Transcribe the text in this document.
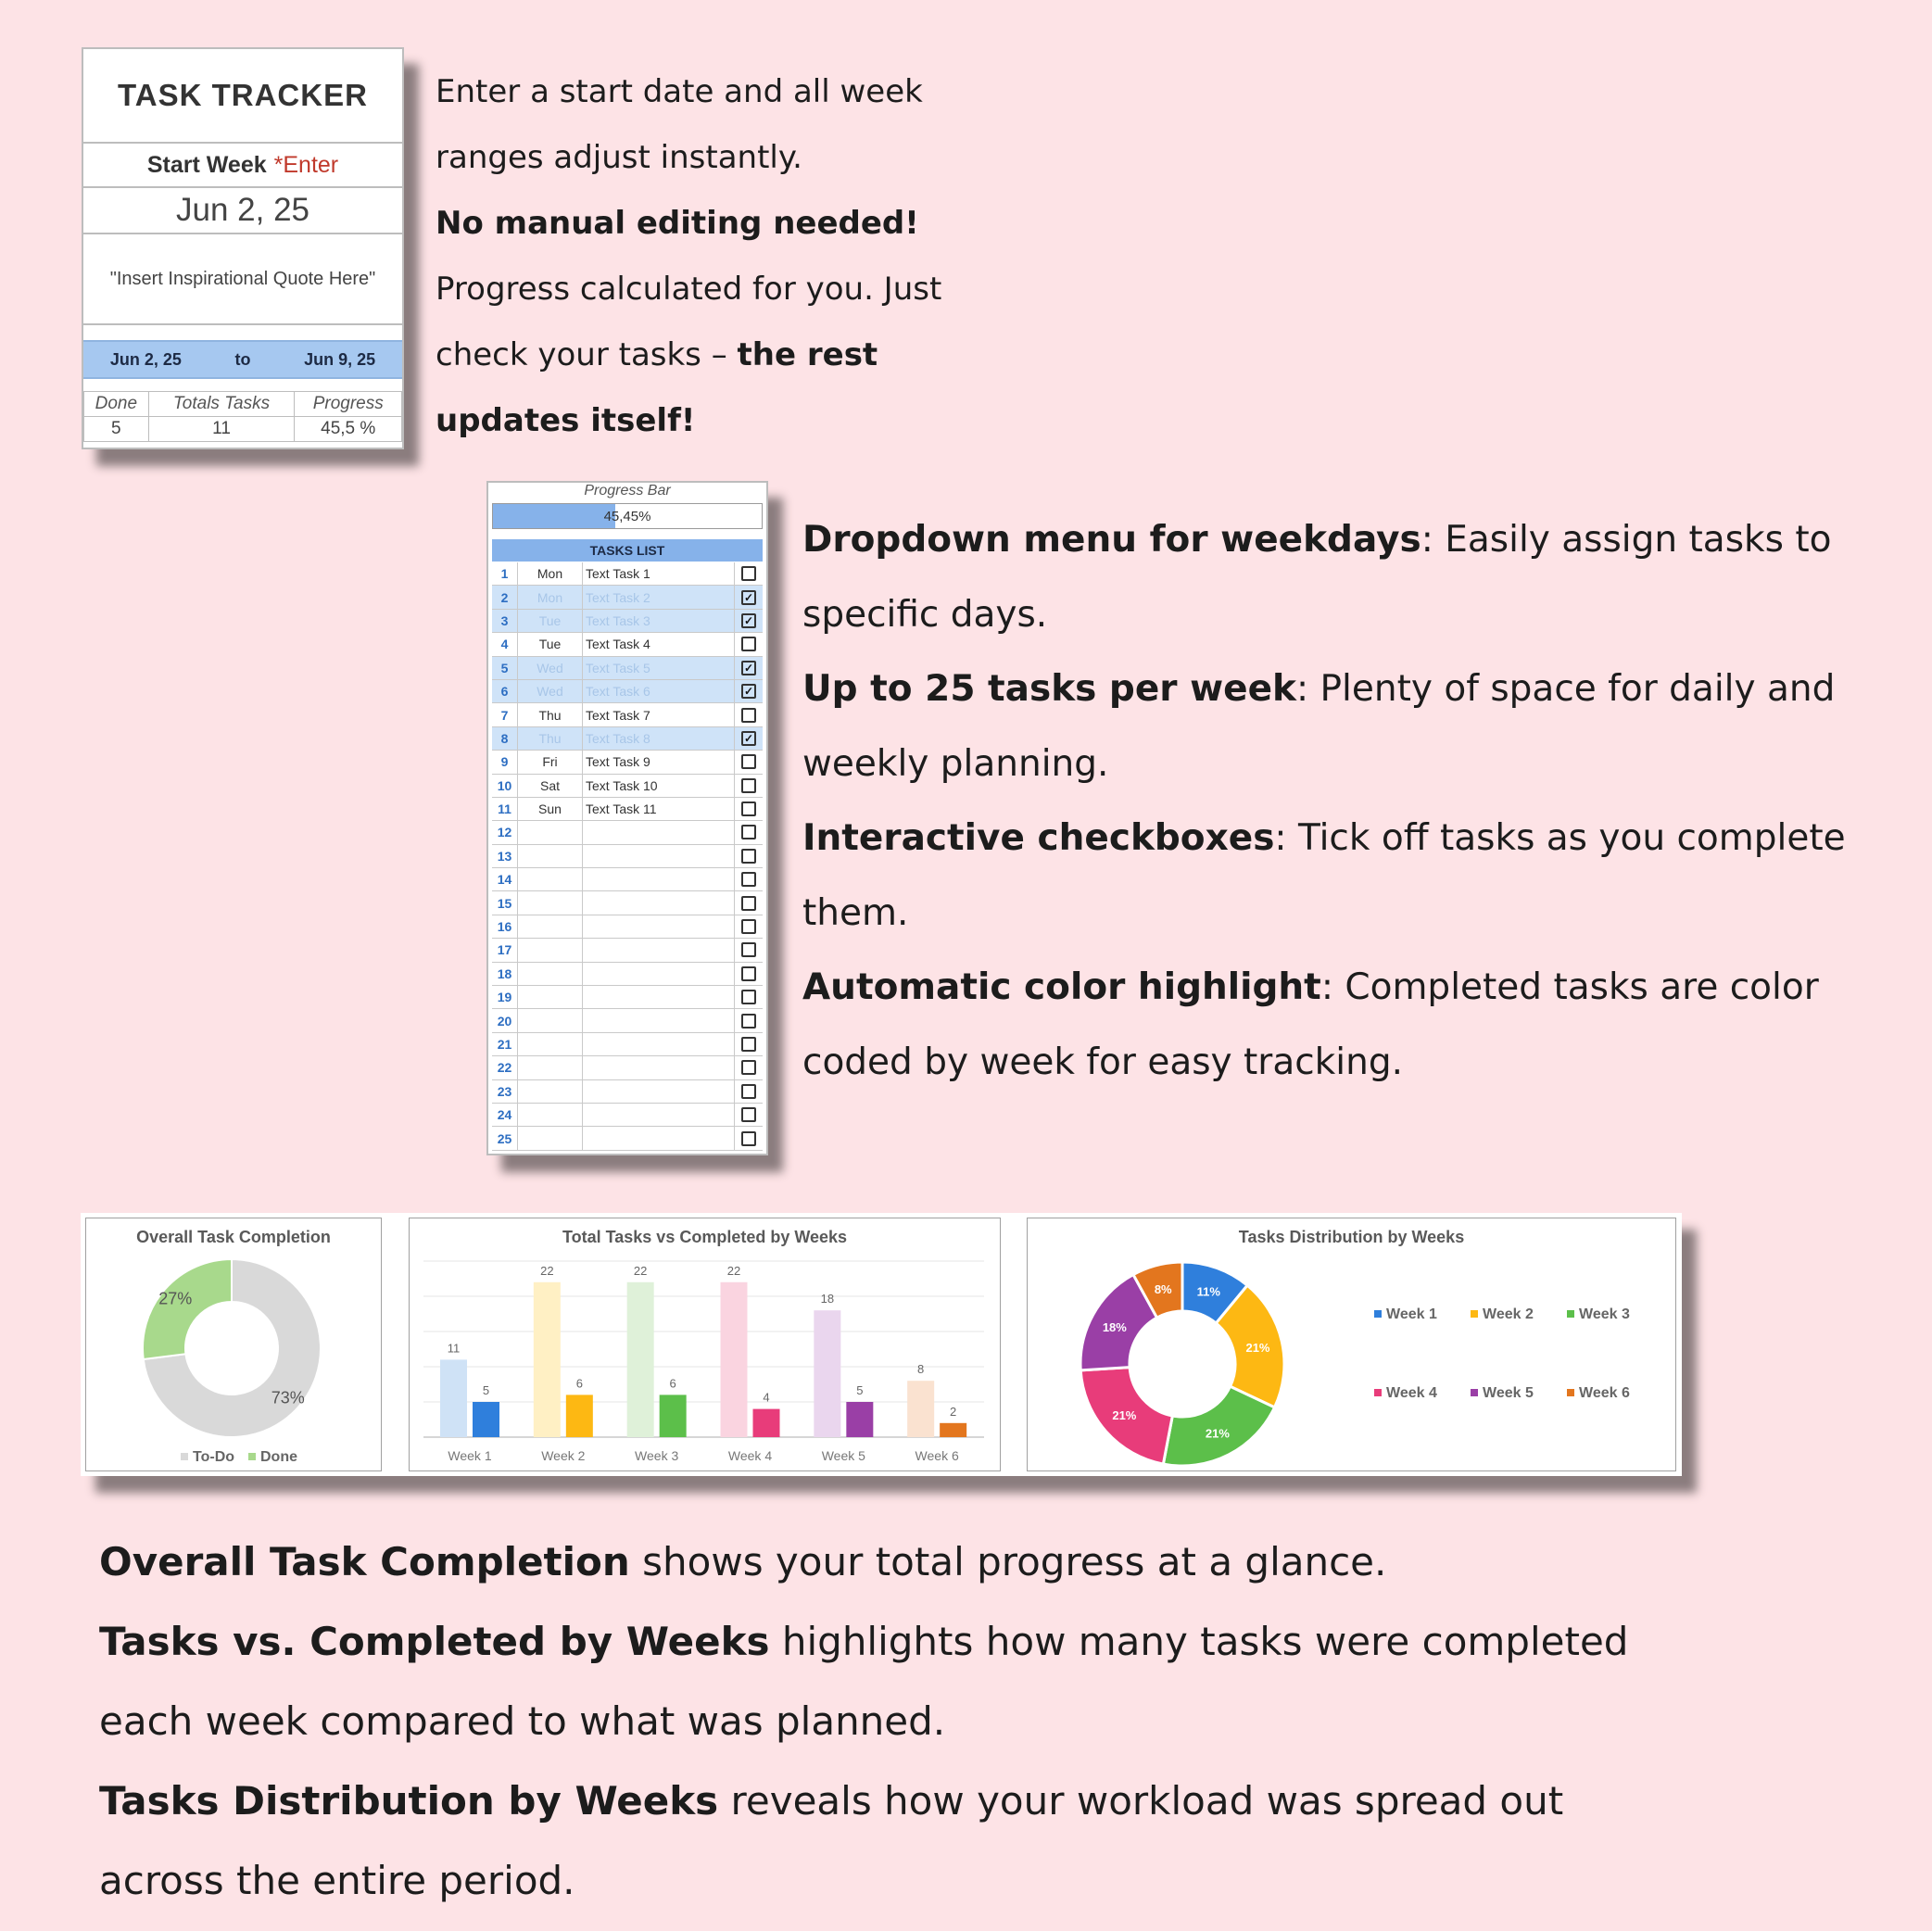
TASK TRACKER
Start Week *Enter
Jun 2, 25
"Insert Inspirational Quote Here"
Jun 2, 25	to	Jun 9, 25
Done	Totals Tasks	Progress
5	11	45,5 %

Enter a start date and all week

ranges adjust instantly.

No manual editing needed!

Progress calculated for you. Just

check your tasks – the rest

updates itself!

Progress Bar
45,45%
TASKS LIST
1	Mon	Text Task 1
2	Mon	Text Task 2	✓
3	Tue	Text Task 3	✓
4	Tue	Text Task 4
5	Wed	Text Task 5	✓
6	Wed	Text Task 6	✓
7	Thu	Text Task 7
8	Thu	Text Task 8	✓
9	Fri	Text Task 9
10	Sat	Text Task 10
11	Sun	Text Task 11
12
13
14
15
16
17
18
19
20
21
22
23
24
25

Dropdown menu for weekdays: Easily assign tasks to

specific days.

Up to 25 tasks per week: Plenty of space for daily and

weekly planning.

Interactive checkboxes: Tick off tasks as you complete

them.

Automatic color highlight: Completed tasks are color

coded by week for easy tracking.

Overall Task Completion
73%
27%
To-Do Done
Total Tasks vs Completed by Weeks
11
5
Week 1
22
6
Week 2
22
6
Week 3
22
4
Week 4
18
5
Week 5
8
2
Week 6
Tasks Distribution by Weeks
11%
21%
21%
21%
18%
8%
Week 1	Week 2	Week 3
Week 4	Week 5	Week 6

Overall Task Completion shows your total progress at a glance.

Tasks vs. Completed by Weeks highlights how many tasks were completed

each week compared to what was planned.

Tasks Distribution by Weeks reveals how your workload was spread out

across the entire period.
